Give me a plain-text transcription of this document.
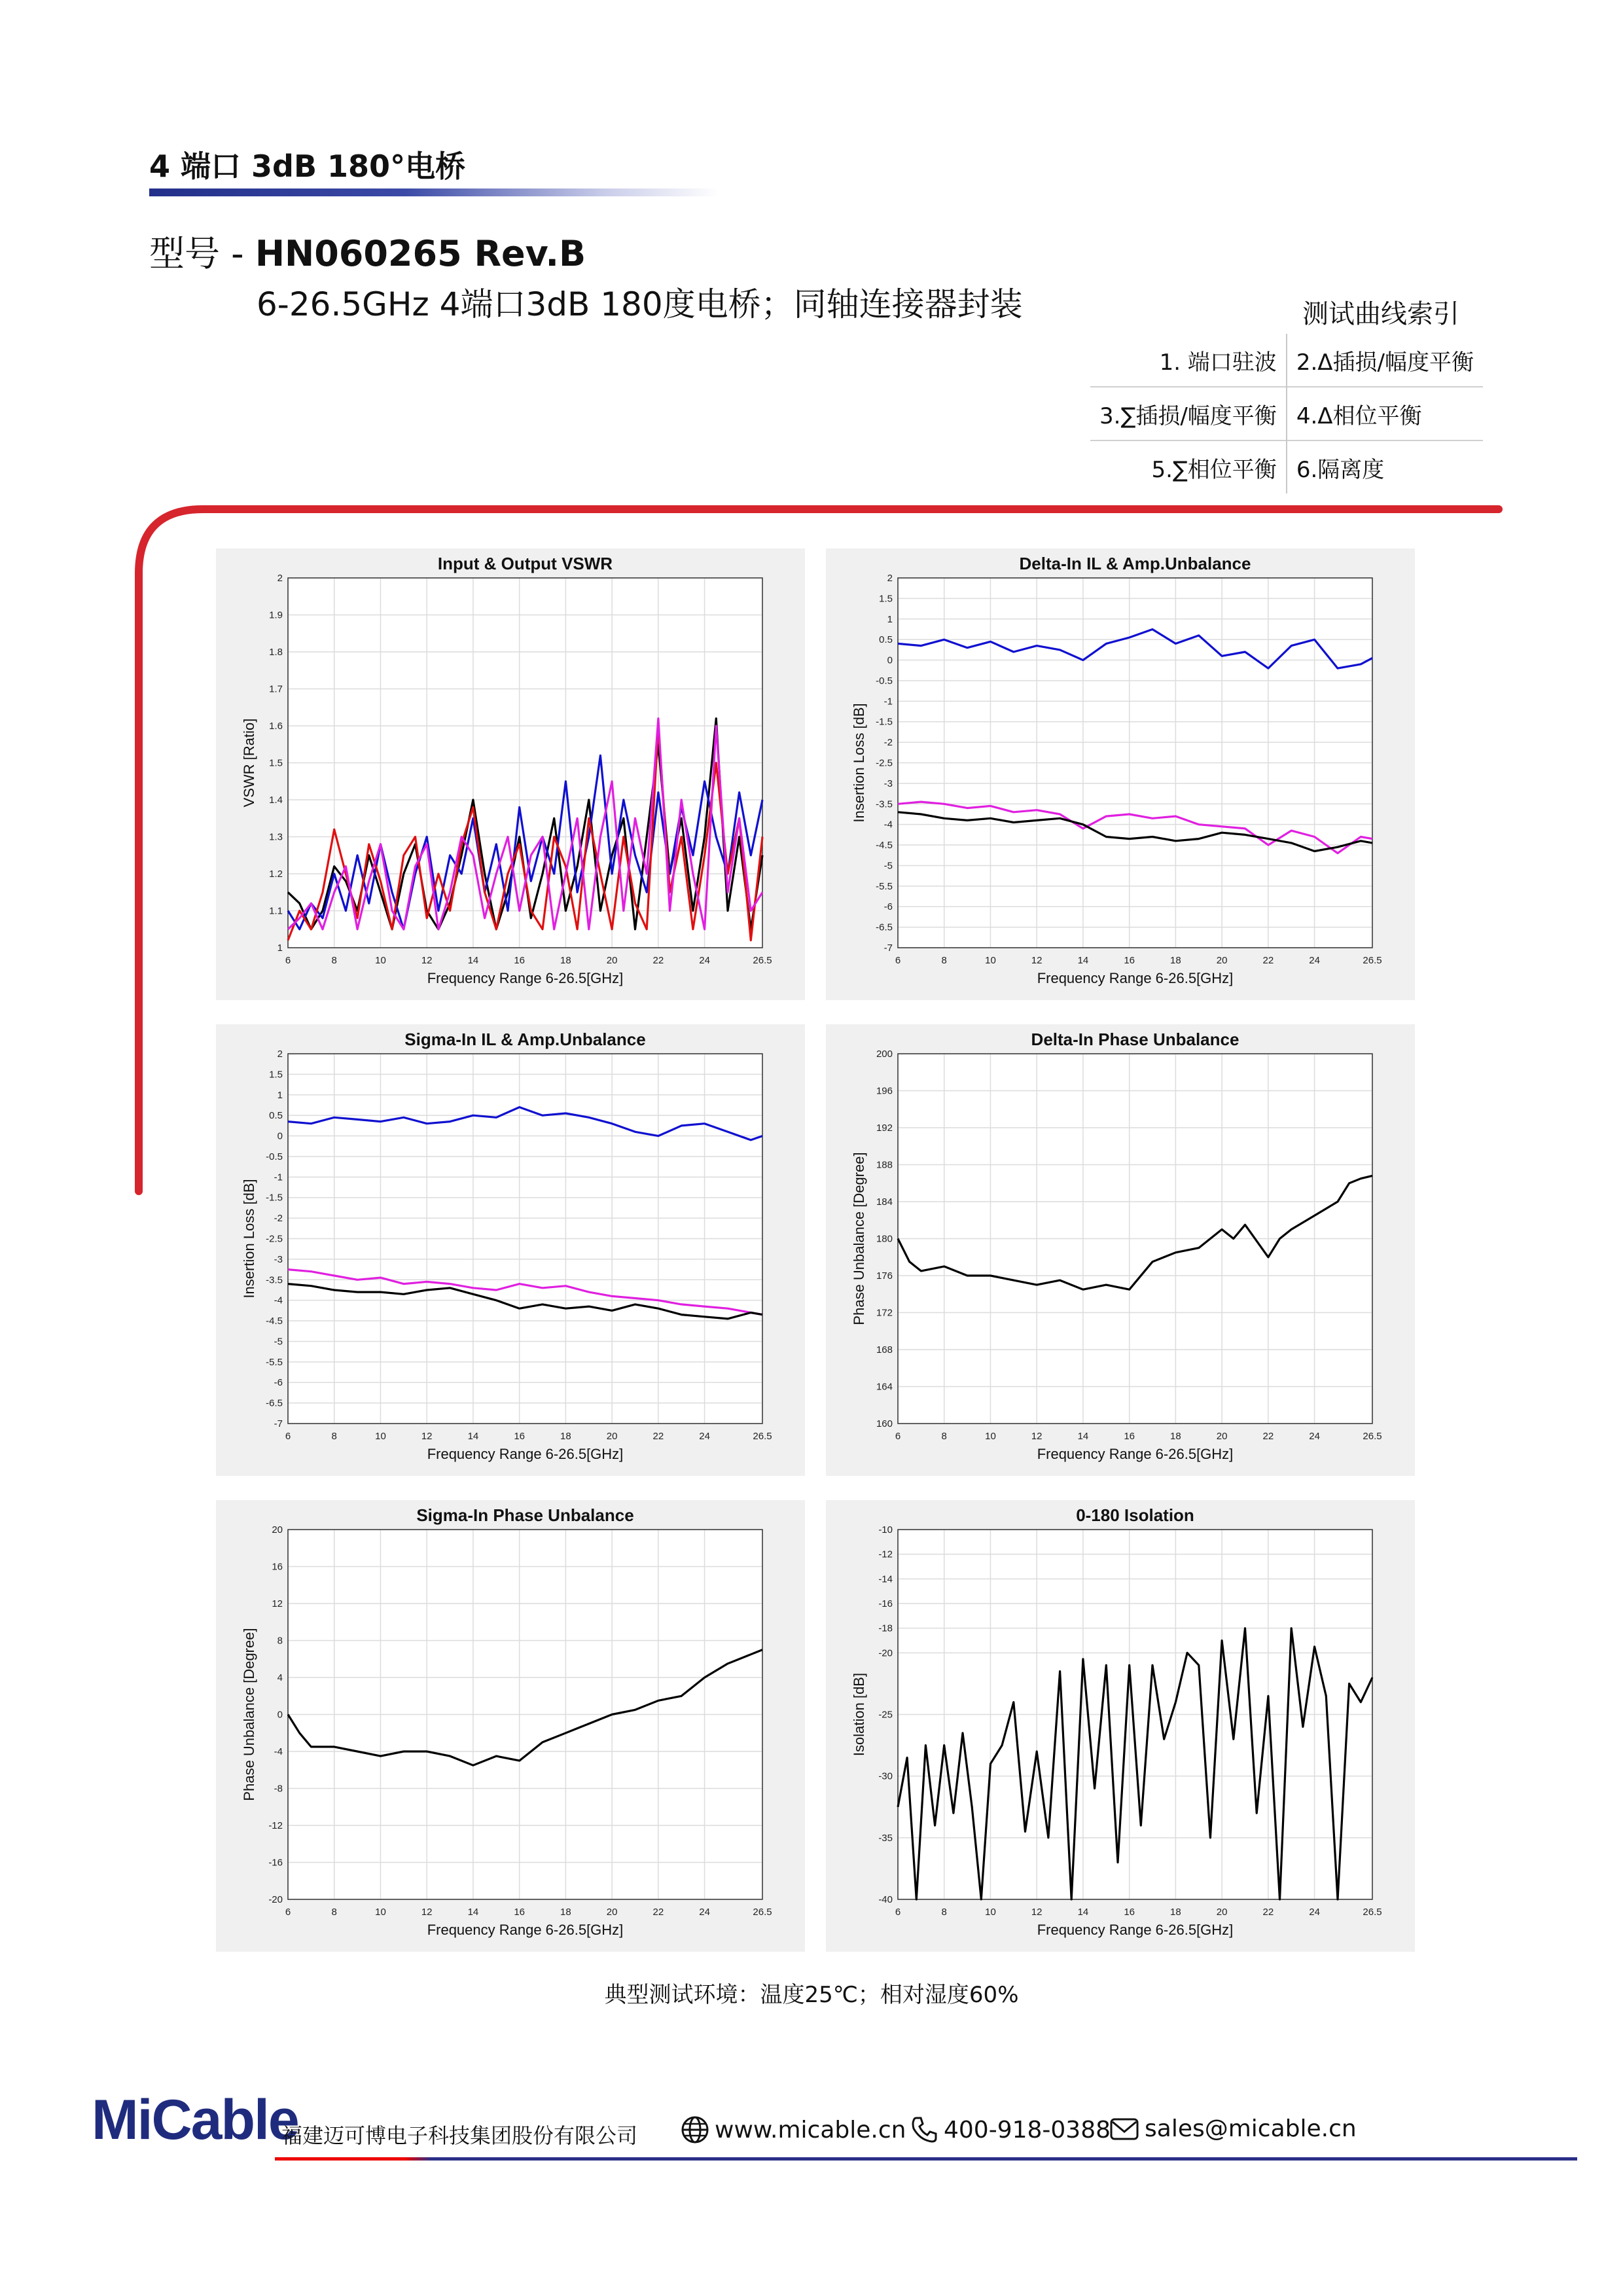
4 端口 3dB 180°电桥
型号 - HN060265 Rev.B
6-26.5GHz 4端口3dB 180度电桥；同轴连接器封装	测试曲线索引
1. 端口驻波	2.Δ插损/幅度平衡
3.∑插损/幅度平衡	4.Δ相位平衡
5.∑相位平衡	6.隔离度
6	8	10	12	14	16	18	20	22	24	26.5
1
1.1
1.2
1.3
1.4
1.5
1.6
1.7
1.8
1.9
2
Input & Output VSWR
Frequency Range 6-26.5[GHz]
VSWR [Ratio]
6	8	10	12	14	16	18	20	22	24	26.5
-7
-6.5
-6
-5.5
-5
-4.5
-4
-3.5
-3
-2.5
-2
-1.5
-1
-0.5
0
0.5
1
1.5
2
Delta-In IL & Amp.Unbalance
Frequency Range 6-26.5[GHz]
Insertion Loss [dB]
6	8	10	12	14	16	18	20	22	24	26.5
-7
-6.5
-6
-5.5
-5
-4.5
-4
-3.5
-3
-2.5
-2
-1.5
-1
-0.5
0
0.5
1
1.5
2
Sigma-In IL & Amp.Unbalance
Frequency Range 6-26.5[GHz]
Insertion Loss [dB]
6	8	10	12	14	16	18	20	22	24	26.5
160
164
168
172
176
180
184
188
192
196
200
Delta-In Phase Unbalance
Frequency Range 6-26.5[GHz]
Phase Unbalance [Degree]
6	8	10	12	14	16	18	20	22	24	26.5
-20
-16
-12
-8
-4
0
4
8
12
16
20
Sigma-In Phase Unbalance
Frequency Range 6-26.5[GHz]
Phase Unbalance [Degree]
6	8	10	12	14	16	18	20	22	24	26.5
-40
-35
-30
-25
-20
-18
-16
-14
-12
-10
0-180 Isolation
Frequency Range 6-26.5[GHz]
Isolation [dB]
典型测试环境：温度25℃；相对湿度60%
MiCable
福建迈可博电子科技集团股份有限公司	www.micable.cn 400-918-0388 sales@micable.cn
